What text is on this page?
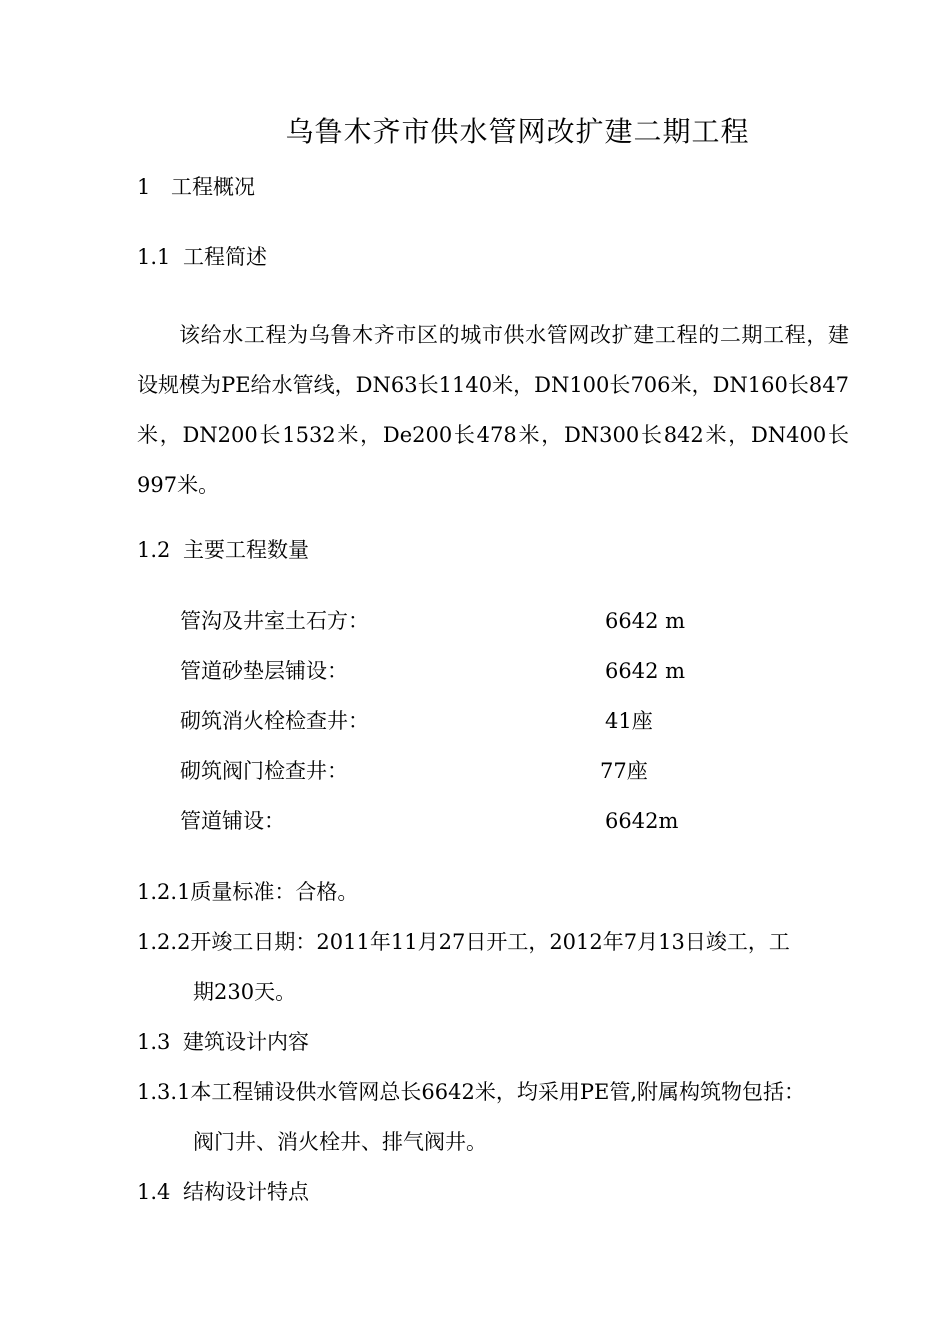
乌鲁木齐市供水管网改扩建二期工程
1 工程概况
1.1 工程简述
该给水工程为乌鲁木齐市区的城市供水管网改扩建工程的二期工程，建设规模为PE给水管线，DN63长1140米，DN100长706米，DN160长847米，DN200长1532米，De200长478米，DN300长842米，DN400长997米。
1.2 主要工程数量
管沟及井室土石方：	6642 m
管道砂垫层铺设：	6642 m
砌筑消火栓检查井：	41座
砌筑阀门检查井：	77座
管道铺设：	6642m
1.2.1质量标准：合格。
1.2.2开竣工日期：2011年11月27日开工，2012年7月13日竣工，工
期230天。
1.3 建筑设计内容
1.3.1本工程铺设供水管网总长6642米，均采用PE管,附属构筑物包括：
阀门井、消火栓井、排气阀井。
1.4 结构设计特点
